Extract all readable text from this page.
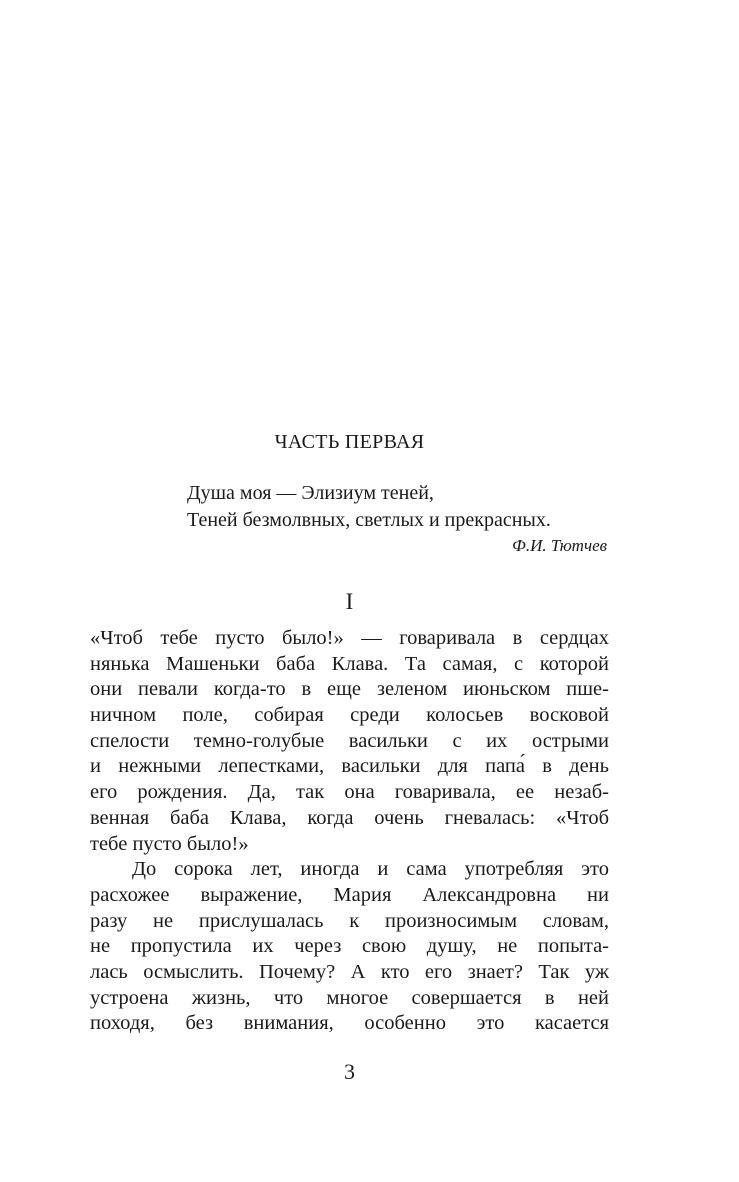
ЧАСТЬ ПЕРВАЯ
Душа моя — Элизиум теней,
Теней безмолвных, светлых и прекрасных.
Ф.И. Тютчев
I
«Чтоб тебе пусто было!» — говаривала в сердцах
нянька Машеньки баба Клава. Та самая, с которой
они певали когда-то в еще зеленом июньском пше-
ничном поле, собирая среди колосьев восковой
спелости темно-голубые васильки с их острыми
и нежными лепестками, васильки для папа́ в день
его рождения. Да, так она говаривала, ее незаб-
венная баба Клава, когда очень гневалась: «Чтоб
тебе пусто было!»
До сорока лет, иногда и сама употребляя это
расхожее выражение, Мария Александровна ни
разу не прислушалась к произносимым словам,
не пропустила их через свою душу, не попыта-
лась осмыслить. Почему? А кто его знает? Так уж
устроена жизнь, что многое совершается в ней
походя, без внимания, особенно это касается
3
